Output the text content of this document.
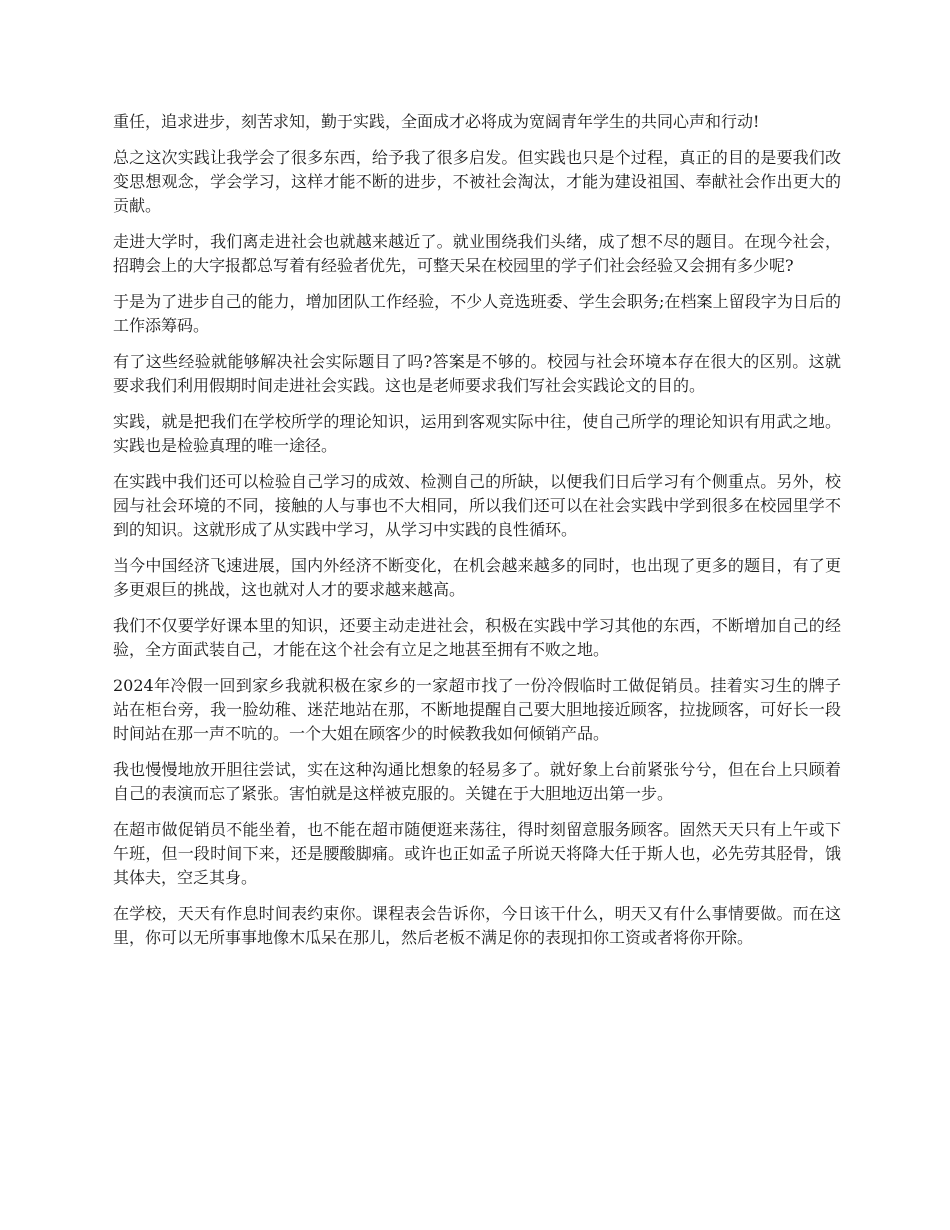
重任，追求进步，刻苦求知，勤于实践，全面成才必将成为宽阔青年学生的共同心声和行动!

总之这次实践让我学会了很多东西，给予我了很多启发。但实践也只是个过程，真正的目的是要我们改变思想观念，学会学习，这样才能不断的进步，不被社会淘汰，才能为建设祖国、奉献社会作出更大的贡献。

走进大学时，我们离走进社会也就越来越近了。就业围绕我们头绪，成了想不尽的题目。在现今社会，招聘会上的大字报都总写着有经验者优先，可整天呆在校园里的学子们社会经验又会拥有多少呢?

于是为了进步自己的能力，增加团队工作经验，不少人竞选班委、学生会职务;在档案上留段字为日后的工作添筹码。

有了这些经验就能够解决社会实际题目了吗?答案是不够的。校园与社会环境本存在很大的区别。这就要求我们利用假期时间走进社会实践。这也是老师要求我们写社会实践论文的目的。

实践，就是把我们在学校所学的理论知识，运用到客观实际中往，使自己所学的理论知识有用武之地。实践也是检验真理的唯一途径。

在实践中我们还可以检验自己学习的成效、检测自己的所缺，以便我们日后学习有个侧重点。另外，校园与社会环境的不同，接触的人与事也不大相同，所以我们还可以在社会实践中学到很多在校园里学不到的知识。这就形成了从实践中学习，从学习中实践的良性循环。

当今中国经济飞速进展，国内外经济不断变化，在机会越来越多的同时，也出现了更多的题目，有了更多更艰巨的挑战，这也就对人才的要求越来越高。

我们不仅要学好课本里的知识，还要主动走进社会，积极在实践中学习其他的东西，不断增加自己的经验，全方面武装自己，才能在这个社会有立足之地甚至拥有不败之地。

2024年冷假一回到家乡我就积极在家乡的一家超市找了一份冷假临时工做促销员。挂着实习生的牌子站在柜台旁，我一脸幼稚、迷茫地站在那，不断地提醒自己要大胆地接近顾客，拉拢顾客，可好长一段时间站在那一声不吭的。一个大姐在顾客少的时候教我如何倾销产品。

我也慢慢地放开胆往尝试，实在这种沟通比想象的轻易多了。就好象上台前紧张兮兮，但在台上只顾着自己的表演而忘了紧张。害怕就是这样被克服的。关键在于大胆地迈出第一步。

在超市做促销员不能坐着，也不能在超市随便逛来荡往，得时刻留意服务顾客。固然天天只有上午或下午班，但一段时间下来，还是腰酸脚痛。或许也正如孟子所说天将降大任于斯人也，必先劳其胫骨，饿其体夫，空乏其身。

在学校，天天有作息时间表约束你。课程表会告诉你，今日该干什么，明天又有什么事情要做。而在这里，你可以无所事事地像木瓜呆在那儿，然后老板不满足你的表现扣你工资或者将你开除。
